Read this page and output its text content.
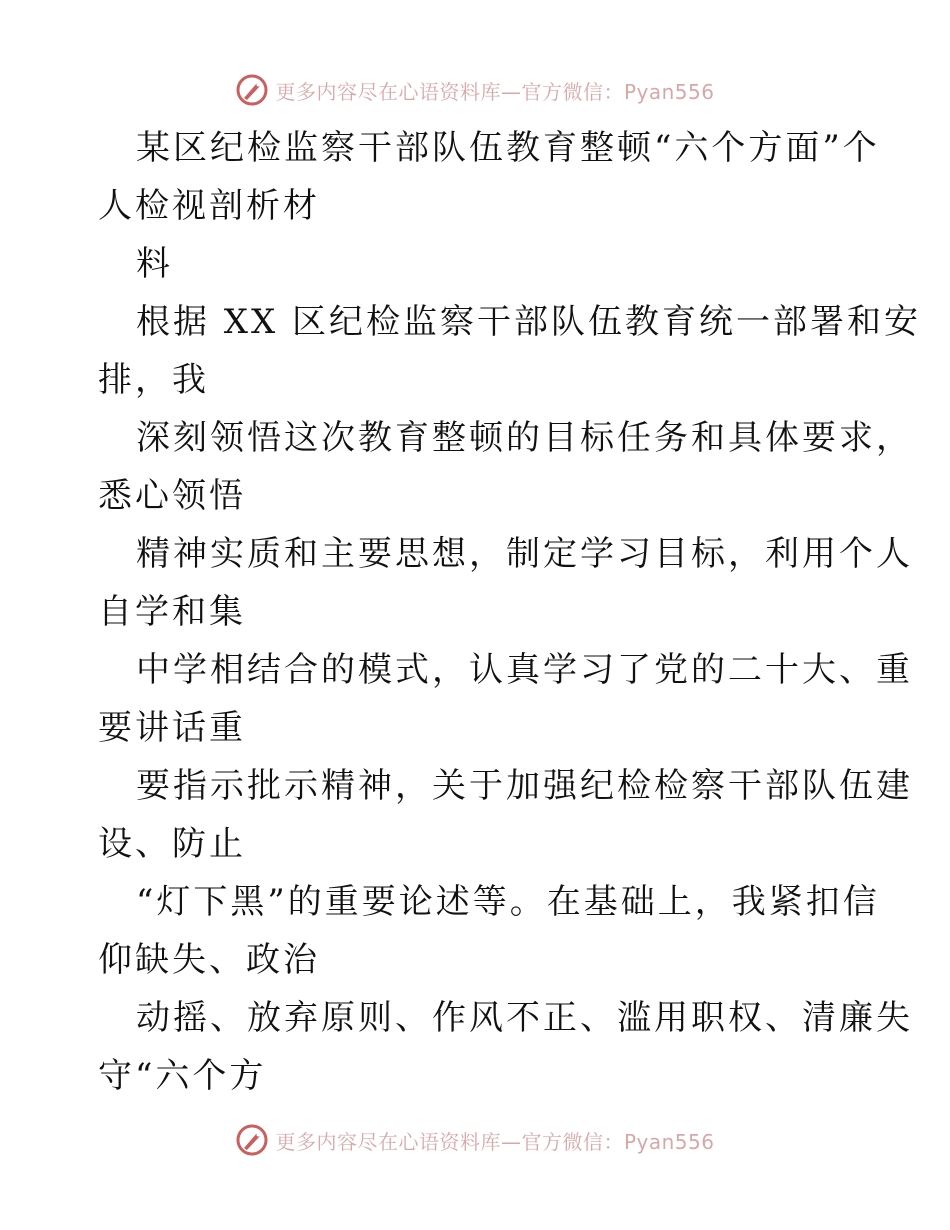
更多内容尽在心语资料库—官方微信：Pyan556
某区纪检监察干部队伍教育整顿“六个方面”个
人检视剖析材
料
根据 XX 区纪检监察干部队伍教育统一部署和安
排，我
深刻领悟这次教育整顿的目标任务和具体要求，
悉心领悟
精神实质和主要思想，制定学习目标，利用个人
自学和集
中学相结合的模式，认真学习了党的二十大、重
要讲话重
要指示批示精神，关于加强纪检检察干部队伍建
设、防止
“灯下黑”的重要论述等。在基础上，我紧扣信
仰缺失、政治
动摇、放弃原则、作风不正、滥用职权、清廉失
守“六个方
更多内容尽在心语资料库—官方微信：Pyan556
